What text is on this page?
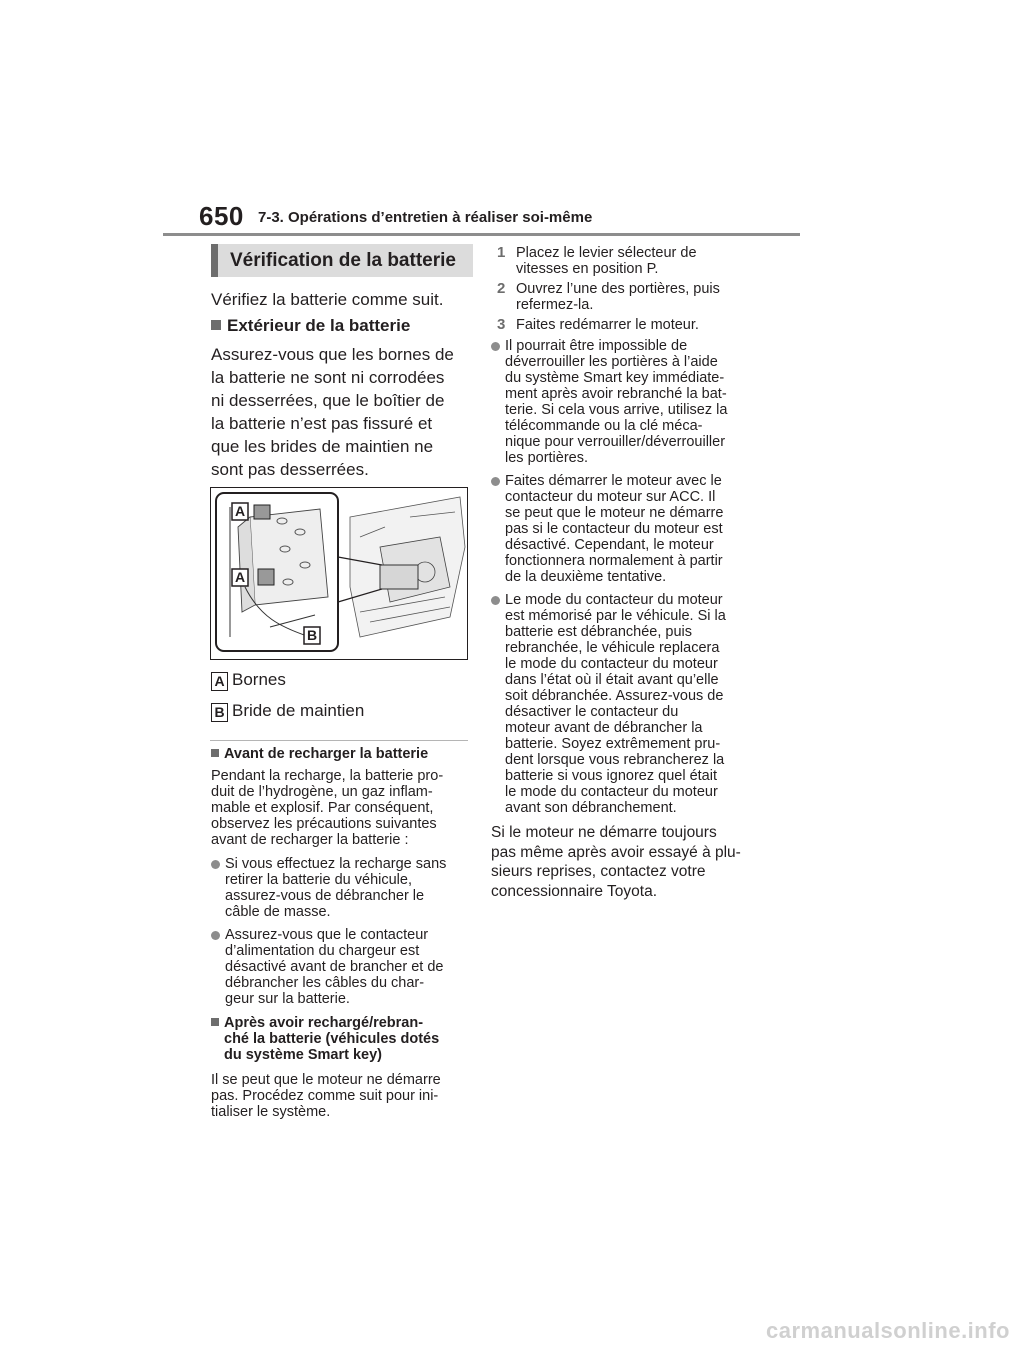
650 7-3. Opérations d’entretien à réaliser soi-même
Vérification de la batterie
Vérifiez la batterie comme suit.
Extérieur de la batterie
Assurez-vous que les bornes de
la batterie ne sont ni corrodées
ni desserrées, que le boîtier de
la batterie n’est pas fissuré et
que les brides de maintien ne
sont pas desserrées.
A
A
B
A Bornes
B Bride de maintien
Avant de recharger la batterie
Pendant la recharge, la batterie pro-
duit de l’hydrogène, un gaz inflam-
mable et explosif. Par conséquent,
observez les précautions suivantes
avant de recharger la batterie :
Si vous effectuez la recharge sans
retirer la batterie du véhicule,
assurez-vous de débrancher le
câble de masse.
Assurez-vous que le contacteur
d’alimentation du chargeur est
désactivé avant de brancher et de
débrancher les câbles du char-
geur sur la batterie.
Après avoir rechargé/rebran-
ché la batterie (véhicules dotés
du système Smart key)
Il se peut que le moteur ne démarre
pas. Procédez comme suit pour ini-
tialiser le système.
1 Placez le levier sélecteur de
vitesses en position P.
2 Ouvrez l’une des portières, puis
refermez-la.
3 Faites redémarrer le moteur.
Il pourrait être impossible de
déverrouiller les portières à l’aide
du système Smart key immédiate-
ment après avoir rebranché la bat-
terie. Si cela vous arrive, utilisez la
télécommande ou la clé méca-
nique pour verrouiller/déverrouiller
les portières.
Faites démarrer le moteur avec le
contacteur du moteur sur ACC. Il
se peut que le moteur ne démarre
pas si le contacteur du moteur est
désactivé. Cependant, le moteur
fonctionnera normalement à partir
de la deuxième tentative.
Le mode du contacteur du moteur
est mémorisé par le véhicule. Si la
batterie est débranchée, puis
rebranchée, le véhicule replacera
le mode du contacteur du moteur
dans l’état où il était avant qu’elle
soit débranchée. Assurez-vous de
désactiver le contacteur du
moteur avant de débrancher la
batterie. Soyez extrêmement pru-
dent lorsque vous rebrancherez la
batterie si vous ignorez quel était
le mode du contacteur du moteur
avant son débranchement.
Si le moteur ne démarre toujours
pas même après avoir essayé à plu-
sieurs reprises, contactez votre
concessionnaire Toyota.
carmanualsonline.info
